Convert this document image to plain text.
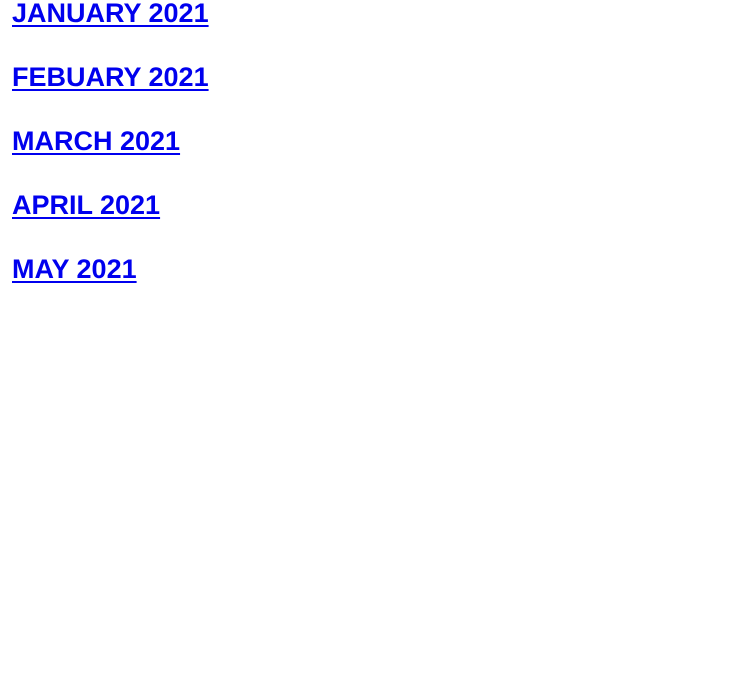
JANUARY 2021
FEBUARY 2021
MARCH 2021
APRIL 2021
MAY 2021
